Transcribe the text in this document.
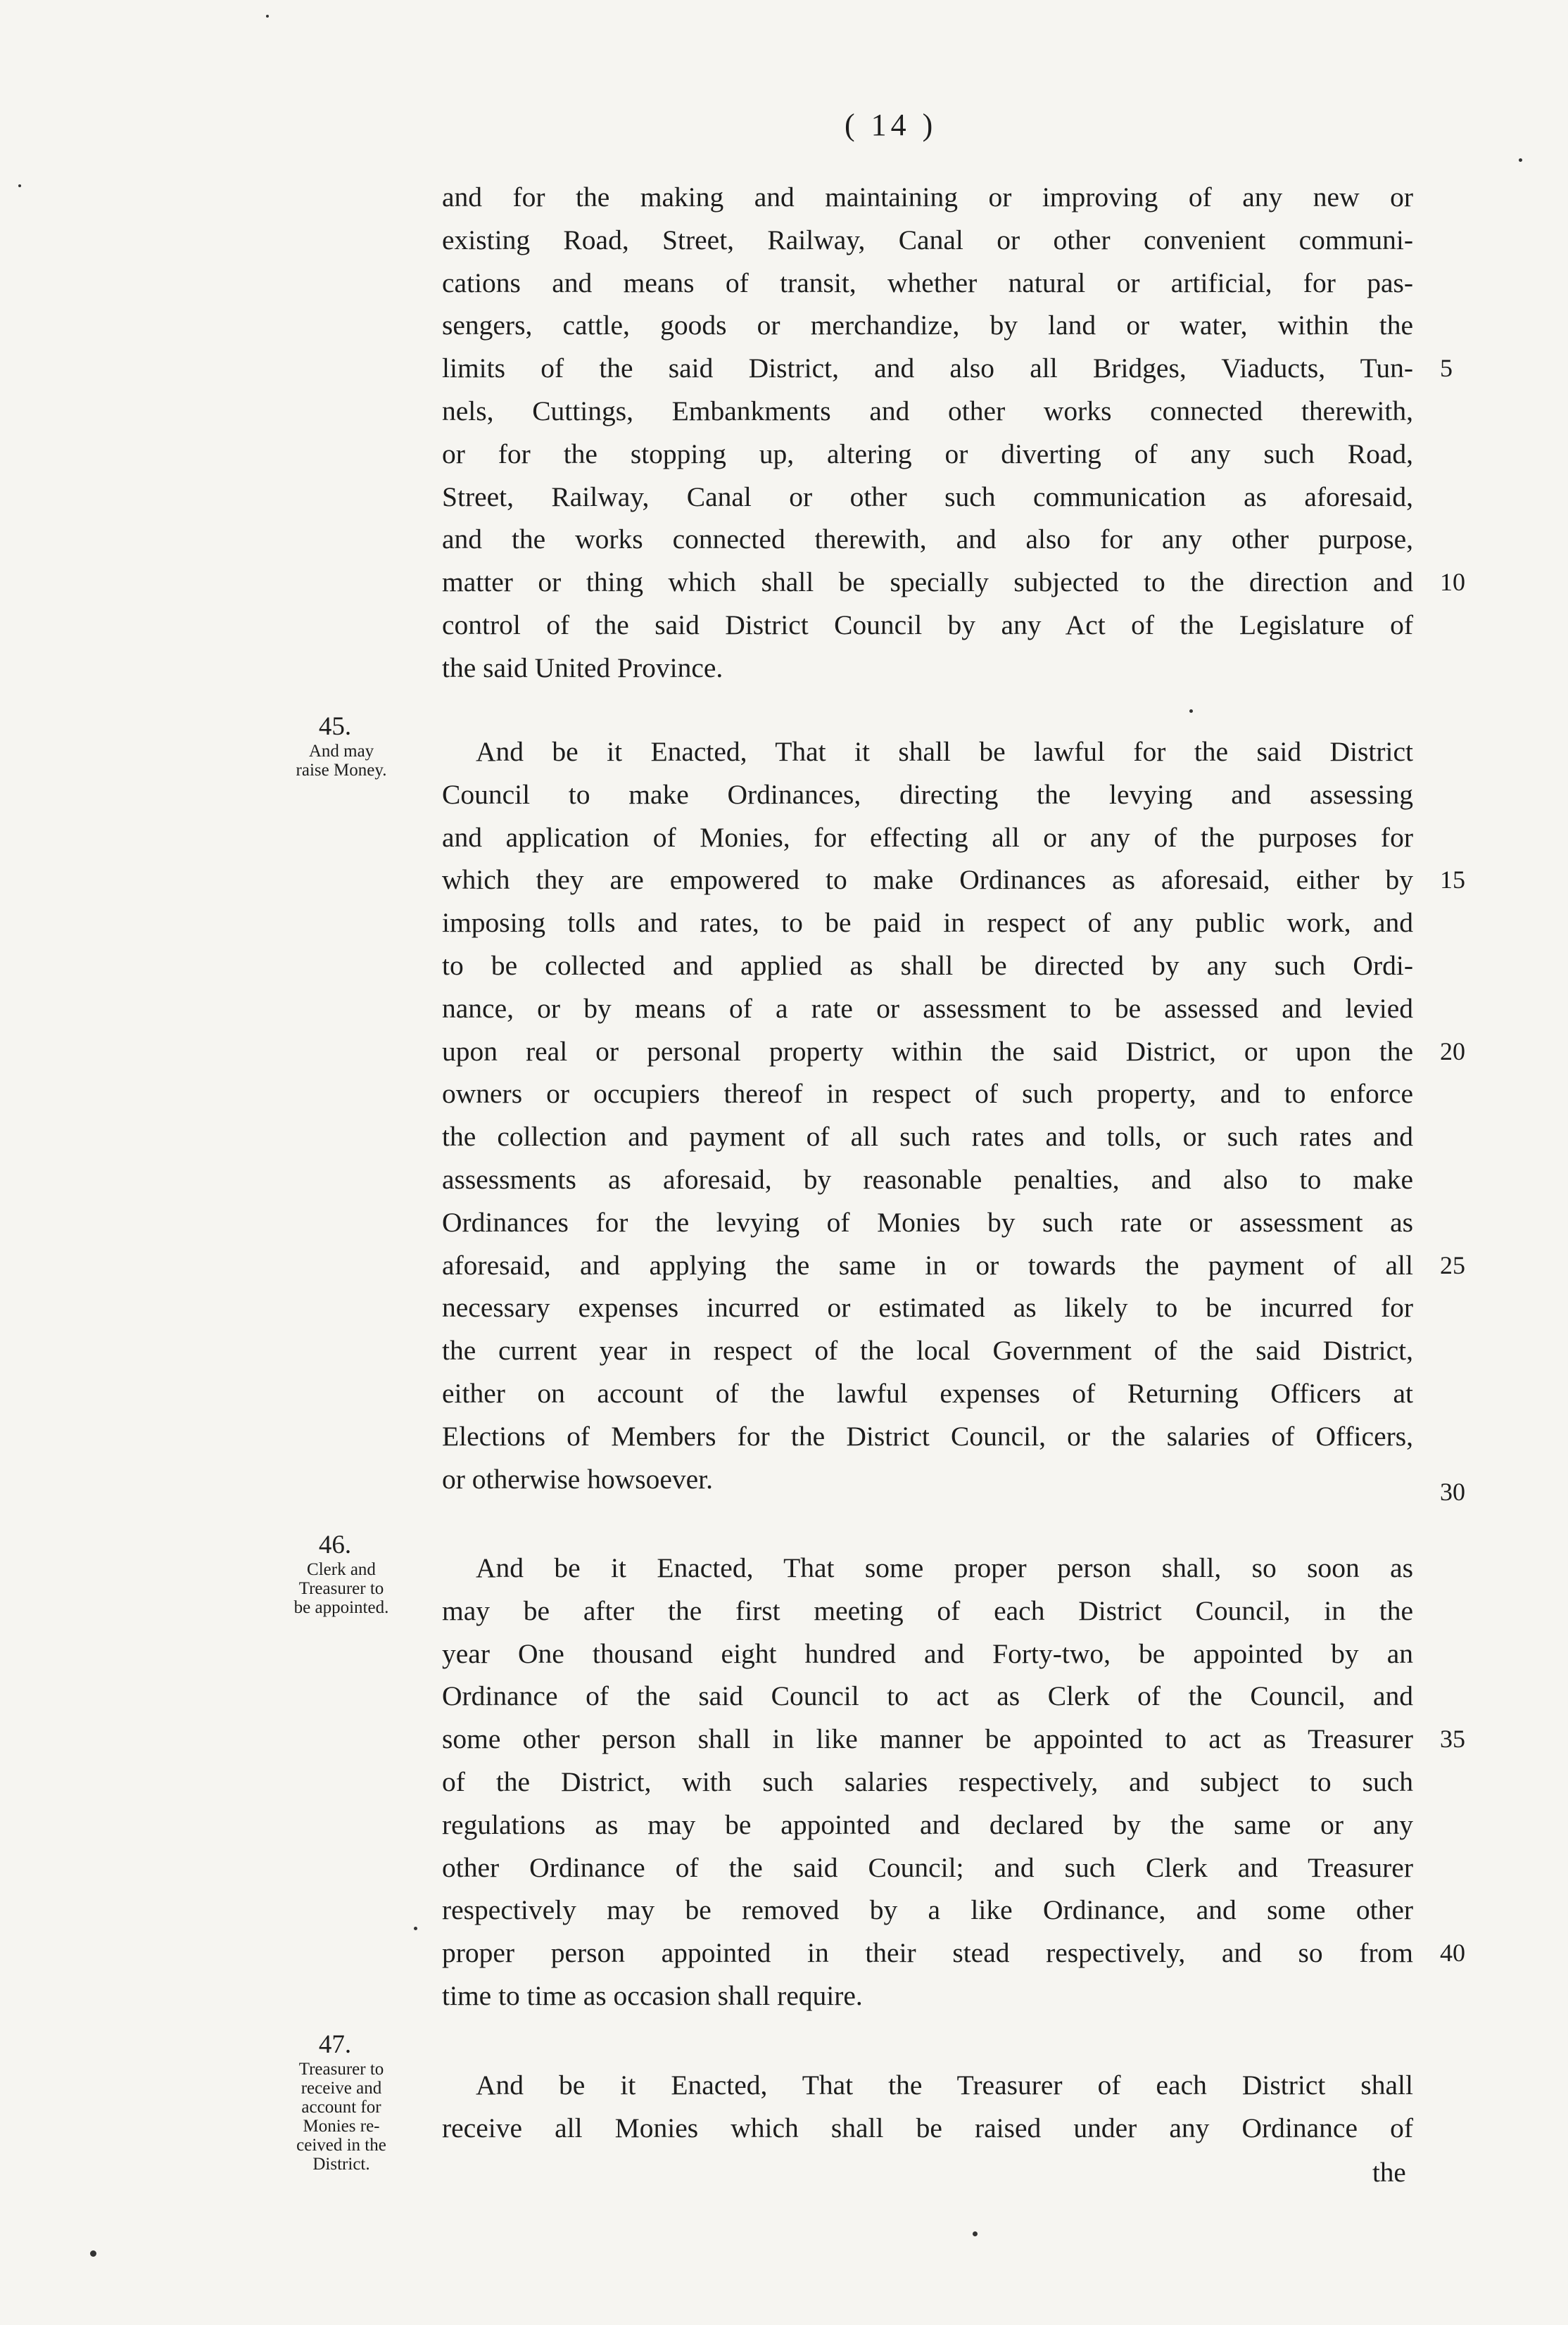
( 14 )
and for the making and maintaining or improving of any new or
existing Road, Street, Railway, Canal or other convenient communi-
cations and means of transit, whether natural or artificial, for pas-
sengers, cattle, goods or merchandize, by land or water, within the
limits of the said District, and also all Bridges, Viaducts, Tun- 5
nels, Cuttings, Embankments and other works connected therewith,
or for the stopping up, altering or diverting of any such Road,
Street, Railway, Canal or other such communication as aforesaid,
and the works connected therewith, and also for any other purpose,
matter or thing which shall be specially subjected to the direction and 10
control of the said District Council by any Act of the Legislature of
the said United Province.
45.
And may
raise Money.
And be it Enacted, That it shall be lawful for the said District
Council to make Ordinances, directing the levying and assessing
and application of Monies, for effecting all or any of the purposes for
which they are empowered to make Ordinances as aforesaid, either by 15
imposing tolls and rates, to be paid in respect of any public work, and
to be collected and applied as shall be directed by any such Ordi-
nance, or by means of a rate or assessment to be assessed and levied
upon real or personal property within the said District, or upon the 20
owners or occupiers thereof in respect of such property, and to enforce
the collection and payment of all such rates and tolls, or such rates and
assessments as aforesaid, by reasonable penalties, and also to make
Ordinances for the levying of Monies by such rate or assessment as
aforesaid, and applying the same in or towards the payment of all 25
necessary expenses incurred or estimated as likely to be incurred for
the current year in respect of the local Government of the said District,
either on account of the lawful expenses of Returning Officers at
Elections of Members for the District Council, or the salaries of Officers,
or otherwise howsoever.	30
46.
Clerk and
Treasurer to
be appointed.
And be it Enacted, That some proper person shall, so soon as
may be after the first meeting of each District Council, in the
year One thousand eight hundred and Forty-two, be appointed by an
Ordinance of the said Council to act as Clerk of the Council, and
some other person shall in like manner be appointed to act as Treasurer 35
of the District, with such salaries respectively, and subject to such
regulations as may be appointed and declared by the same or any
other Ordinance of the said Council; and such Clerk and Treasurer
respectively may be removed by a like Ordinance, and some other
proper person appointed in their stead respectively, and so from 40
time to time as occasion shall require.
47.
Treasurer to
receive and
account for
Monies re-
ceived in the
District.
And be it Enacted, That the Treasurer of each District shall
receive all Monies which shall be raised under any Ordinance of
the
